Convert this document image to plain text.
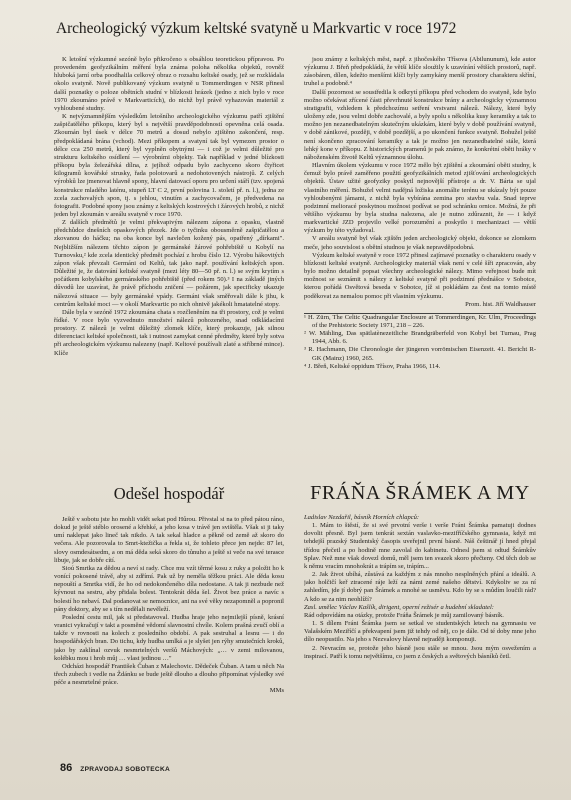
Archeologický výzkum keltské svatyně u Markvartic v roce 1972

K letošní výzkumné sezóně bylo přikročeno s obsáhlou teoretickou přípravou. Po provedeném geofyzikálním měření byla známa poloha několika objektů, rovněž hluboká jarní orba poodhalila celkový obraz o rozsahu keltské osady, jež se rozkládala okolo svatyně. Nově publikovaný výzkum svatyně u Tommerdingen v NSR přinesl další poznatky o poloze obětních studní v blízkosti hrázek (jedno z nich bylo v roce 1970 zkoumáno právě v Markvarticích), do nichž byl právě vyhazován materiál z vyhloubené studny.

K nejvýznamnějším výsledkům letošního archeologického výzkumu patří zjištění zašpičatělého příkopu, který byl s největší pravděpodobností opevněna celá osada. Zkoumán byl úsek v délce 70 metrů a dosud nebylo zjištěno zakončení, resp. předpokládaná brána (vchod). Mezi příkopem a svatyní tak byl vymezen prostor o délce cca 250 metrů, který byl vyplněn obytnými — i což je velmi důležité pro strukturu keltského osídlení — výrobními objekty. Tak například v jedné blízkosti příkopu byla železářská dílna, z jejíhož odpadu bylo zachyceno skoro čtyřicet kilogramů kovářské strusky, řada polotovarů a nedohotovených nástrojů. Z celých výrobků lze jmenovat hlavně spony, hlavní datovací oporu pro určení stáří (tzv. spojená konstrukce mladého laténu, stupeň LT C 2, první polovina 1. století př. n. l.), jedna ze zcela zachovalých spon, tj. s jehlou, vinutím a zachycovačem, je předvedena na fotografii. Podobné spony jsou známy z keltských kostrových i žárových hrobů, z nichž jeden byl zkoumán v areálu svatyně v roce 1970.

Z dalších předmětů je velmi překvapivým nálezem zápona z opasku, vlastně předchůdce dnešních opaskových přezek. Jde o tyčinku obousměrně zašpičatělou a zkovanou do háčku; na oba konce byl navlečen kožený pás, opatřený „dírkami". Nejbližším nálezem těchto zápon je germánské žárové pohřebiště u Kobylí na Turnovsku,² kde zcela identický předmět pochází z hrobu číslo 12. Výrobu hákovitých zápon však převzali Germáni od Keltů, tak jako např. používání keltských spon. Důležité je, že datování keltské svatyně (mezi léty 80—50 př. n. l.) se svým krytím s počátkem kobylského germánského pohřebiště (před rokem 50).³ I na základě jiných důvodů lze uzavírat, že právě příchodu zničení — požárem, jak specificky ukazuje nálezová situace — byly germánské vpády. Germáni však směřovali dále k jihu, k centrům keltské moci — v okolí Markvartic po nich ohnivě jakékoli hmatatelné stopy.

Dále byla v sezóně 1972 zkoumána chata s rozčleněním na tři prostory, což je velmi řídké. V roce bylo vyzvednuto množství nálezů pohozeného, snad odkládacími prostory. Z nálezů je velmi důležitý zlomek klíče, který prokazuje, jak silnou diferenciaci keltské společnosti, tak i nutnost zamykat cenné předměty, které byly sotva při archeologickém výzkumu nalezeny (např. Keltové používali zlaté a stříbrné mince). Klíče

jsou známy z keltských měst, např. z jihočeského Třísova (Abilununum), kde autor výzkumu J. Břeň předpokládá, že větší klíče sloužily k uzavírání větších prostorů, např. zásobáren, dílen, kdežto menšími klíči byly zamykány menší prostory charakteru skříní, truhel a podobně.⁴

Další pozornost se soustředila k odkrytí příkopu před vchodem do svatyně, kde bylo možno očekávat zřícené části převrhnuté konstrukce brány a archeologicky významnou stratigrafii, vzhledem k předchozímu setření vrstvami nálezů. Nálezy, které byly uloženy zde, jsou velmi dobře zachovalé, a byly spolu s několika kusy keramiky a tak to možno jen nezanedbatelným skutečným ukázkám, které byly v době používání svatyně, v době zánikové, později, v době pozdější, a po ukončení funkce svatyně. Bohužel ještě není skončeno zpracování keramiky a tak je možno jen nezanedbatelné stále, která lehký kone v příkopu. Z historických pramenů je pak známo, že konkrétní oběti hráky v náboženském životě Keltů významnou úlohu.

Hlavním úkolem výzkumu v roce 1972 mělo být zjištění a zkoumání oběti studny, k čemuž bylo právě zaměřeno použití geofyzikálních metod zjišťování archeologických objektů. Ústav užité geofyziky poskytl nejnovější přístroje a dr. V. Bárta se ujal vlastního měření. Bohužel velmi nadějná ložiska anomálie terénu se ukázaly být pouze vyhloubenými jámami, z nichž byla vybírána zemina pro stavbu vala. Snad teprve podzimní melioracé poskytnou možnost podívat se pod schránku ornice. Možná, že při většího výzkumu by byla studna nalezena, ale je nutno zdůraznit, že — i když markvartické JZD projevilo velké porozumění a poskytlo i mechanizaci — větší výzkum by této vyžadoval.

V areálu svatyně byl však zjištěn jeden archeologický objekt, dokonce se zlomkem meče, jeho souvislost s obětní studnou je však nepravděpodobná.

Výzkum keltské svatyně v roce 1972 přinesl zajímavé poznatky o charakteru osady v blízkosti keltské svatyně. Archeologicky materiál však není v celé šíři zpracován, aby bylo možno detailně popsat všechny archeologické nálezy. Mimo veřejnost bude mít možnost se seznámit s nálezy z keltské svatyně při podzimní přednášce v Sobotce, kterou pořádá Osvětová beseda v Sobotce, jíž si pokládám za čest na tomto místě poděkovat za nemalou pomoc při vlastním výzkumu.

Prom. hist. Jiří Waldhauser
¹ H. Zürn, The Celtic Quadrangular Enclosure at Tommerdingen, Kr. Ulm, Proceedings of the Prehistoric Society 1971, 218 – 226.
² W. Mähling, Das spätlatènezeitliche Brandgräberfeld von Kobyl bei Turnau, Prag 1944, Abb. 6.
³ R. Hachmann, Die Chronologie der jüngeren vorrömischen Eisenzeit. 41. Bericht R-GK (Mainz) 1960, 265.
⁴ J. Břeň, Keltské oppidum Třísov, Praha 1966, 114.
Odešel hospodář	FRÁŇA ŠRÁMEK A MY

Ještě v sobotu jste ho mohli vidět sekat pod Hůrou. Přivstal si na to před pátou ráno, dokud je ještě stéblo orosené a křehké, a jeho kosa v trávě jen svištěla. Však si ji taky umí naklepat jako lineč tak nikdo. A tak sekal hladce a pěkně od země až skoro do večera. Ale pozorovala to Smrt-ktežička a řekla si, že tohleto přece jen nejde: 87 let, slovy osmdesátsedm, a on má děda seká skoro do tůnuho a ještě si veče na své terasce libuje, jak se dobře cítí.

Sioú Smrtka za dědou a neví si rady. Chce mu vzít těrmé kosu z ruky a položit ho k vonící pokosené trávě, aby si zdřímí. Pak už by neměla těžkou práci. Ale děda kosu nepouští a Smrtka vidí, že ho od nedokončeného díla nedostane. A tak ji nezbude než kývnout na sestru, aby přidala bolest. Tentokrát děda šel. Život bez práce a navíc s bolestí ho nebaví. Dal podanovat se nemocnice, ani na své věky nezapomněl a popronil pány doktory, aby se s tím nedělali nevěleží.

Poslední cestu mil, jak si představoval. Hudba hraje jeho nejmilejší písně, krásní vranici vykračují v takt a posměné vědomí slavnostní chvíle. Kolem prašná zvučí oblí a takže v rovnosti na kolech z posledního období. A pak sestruhal a lesnu — i do hospodářských bran. Do tichu, kdy hudba umlká a je slyšet jen rýhy smutečních kroků, jako by zaklínal ozvuk nesmrtelných veršů Máchových: „… v zemi milovanou, kolébku mou i hrob můj … vlast jedinou …"

Odcházi hospodář František Čuban z Malechovic. Dědeček Čuban. A tam u něch Na třech zubech i vedle na Ždánku se bude ještě dlouho a dlouho připomínat výsledky své péče a nesmrtelné práce.

MMs

Ladislav Nezdařil, básník Horních chlapců:

1. Mám to štěstí, že si své prvotní verše i verše Fráni Šrámka pamatuji dodnes dovolit přesně. Byl jsem tenkrát sextán vaslavko-mezifříčského gymnasia, když mi tehdejší prazský Studentský časopis uveřejnil první básně. Náš češtinář jí hned přejal třídou přečetl a po hodině mne zavolal do kabinetu. Odnesl jsem si odtud Šrámkův Splav. Než mne však dovezl domů, měl jsem ten svazek skoro přečteny. Od těch dob se k němu vracím mnohokrát a trápím se, trápím...

2. Jak život ubíhá, zůstává za každým z nás mnoho nesplněných přání a ideálů. A jako holčičí keř ztracené ráje leží za námi zemé našeho dětství. Kdykoliv se za ní zahledím, jde jí dobrý pan Šrámek a mnohé se usměvu. Kdo by se s můdím loučili rád? A kdo se za nim neohlíží?

Zasl. umělec Václav Kašlík, dirigent, operní režisér a hudební skladatel:

Rád odpovídám na otázky, protože Fráňa Šrámek je můj zamilovaný básník.

1. S dílem Fráni Šrámka jsem se setkal ve studentských letech na gymnasiu ve Valašském Meziříčí a překvapení jsem již tehdy od něj, co je dále. Od té doby mne jeho dílo neopustilo. Na jeho s Nezvalovy hlavně nejraději komponuji.

2. Nevracím se, protože jeho básně jsou stále se mnou. Jsou mým osvežením a inspirací. Patří k tomu největšímu, co jsem z českých a světových básníků četl.

86 ZPRAVODAJ SOBOTECKA
